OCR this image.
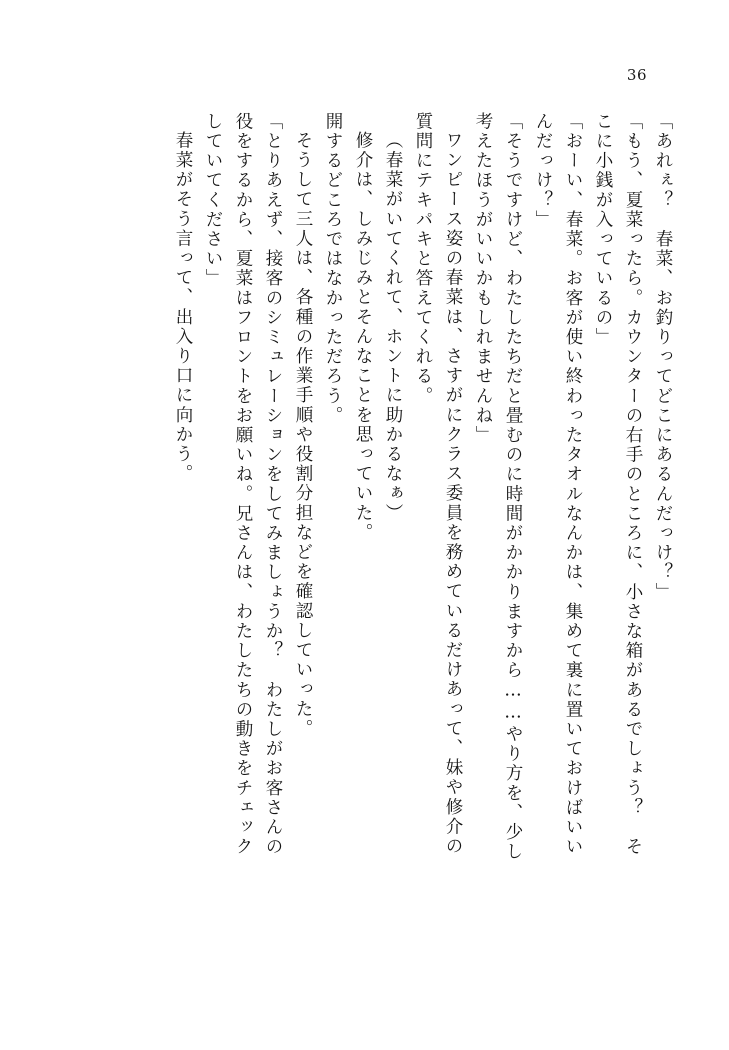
36
「あれぇ？　春菜、お釣りってどこにあるんだっけ？」
「もう、夏菜ったら。カウンターの右手のところに、小さな箱があるでしょう？　そ
こに小銭が入っているの」
「おーい、春菜。お客が使い終わったタオルなんかは、集めて裏に置いておけばいい
んだっけ？」
「そうですけど、わたしたちだと畳むのに時間がかかりますから……やり方を、少し
考えたほうがいいかもしれませんね」
ワンピース姿の春菜は、さすがにクラス委員を務めているだけあって、妹や修介の
質問にテキパキと答えてくれる。
（春菜がいてくれて、ホントに助かるなぁ）
修介は、しみじみとそんなことを思っていた。
開するどころではなかっただろう。
そうして三人は、各種の作業手順や役割分担などを確認していった。
「とりあえず、接客のシミュレーションをしてみましょうか？　わたしがお客さんの
役をするから、夏菜はフロントをお願いね。兄さんは、わたしたちの動きをチェック
していてください」
春菜がそう言って、出入り口に向かう。
